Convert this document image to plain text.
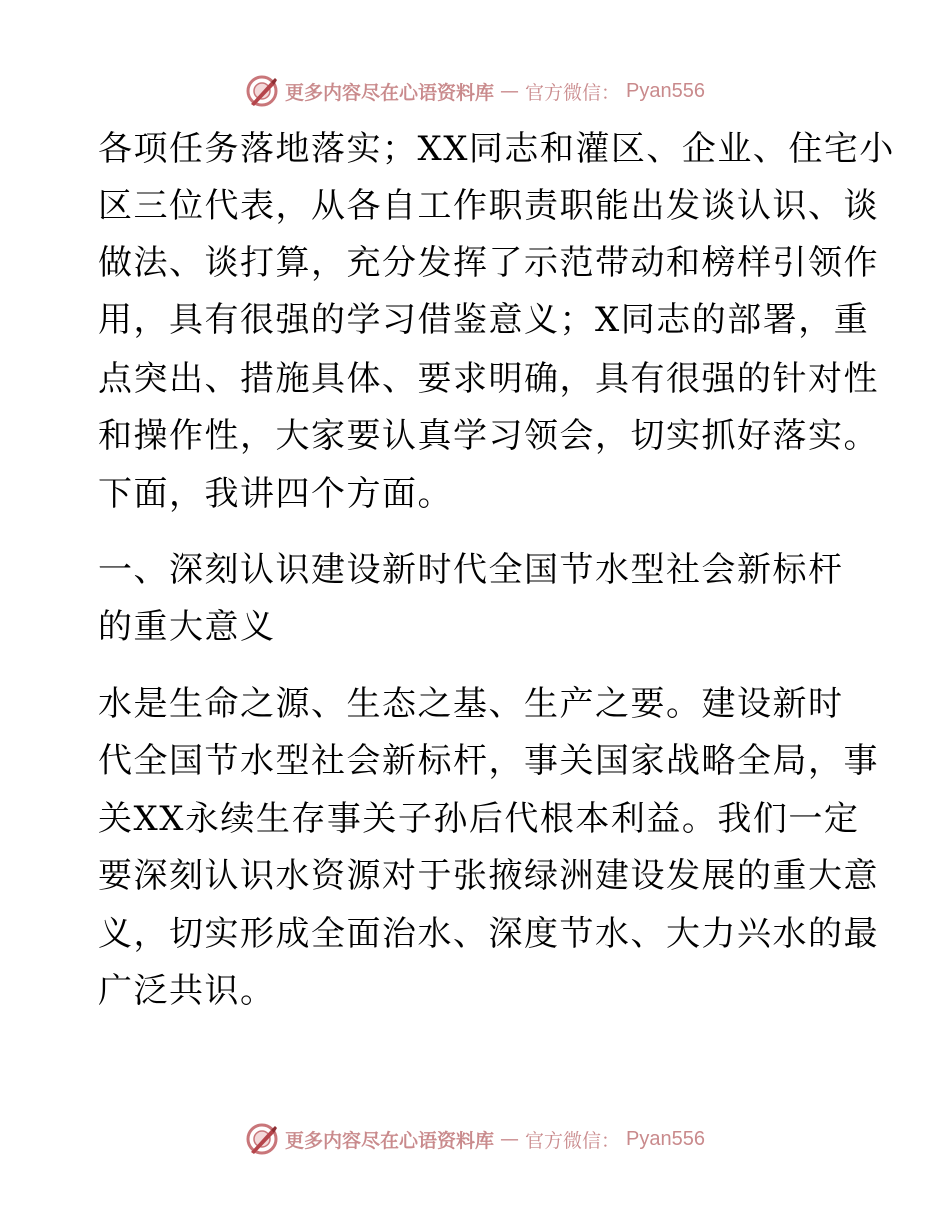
更多内容尽在心语资料库 — 官方微信： Pyan556
各项任务落地落实；XX同志和灌区、企业、住宅小
区三位代表，从各自工作职责职能出发谈认识、谈
做法、谈打算，充分发挥了示范带动和榜样引领作
用，具有很强的学习借鉴意义；X同志的部署，重
点突出、措施具体、要求明确，具有很强的针对性
和操作性，大家要认真学习领会，切实抓好落实。
下面，我讲四个方面。
一、深刻认识建设新时代全国节水型社会新标杆
的重大意义
水是生命之源、生态之基、生产之要。建设新时
代全国节水型社会新标杆，事关国家战略全局，事
关XX永续生存事关子孙后代根本利益。我们一定
要深刻认识水资源对于张掖绿洲建设发展的重大意
义，切实形成全面治水、深度节水、大力兴水的最
广泛共识。
更多内容尽在心语资料库 — 官方微信： Pyan556
